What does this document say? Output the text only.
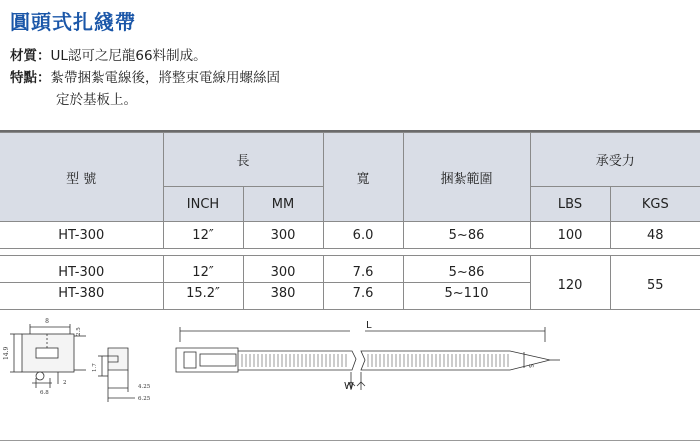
圓頭式扎綫帶
材質：UL認可之尼龍66料制成。
特點：紮帶捆紮電線後，將整束電線用螺絲固
定於基板上。
型 號	長		寬	捆紮範圍	承受力	
	INCH	MM			LBS	KGS
HT-300	12″	300	6.0	5~86	100	48

HT-300	12″	300	7.6	5~86	120	55
HT-380	15.2″	380	7.6	5~110		
8
2.5
14.9
6.8
2
1.7
4.25
6.25
L
W
S
